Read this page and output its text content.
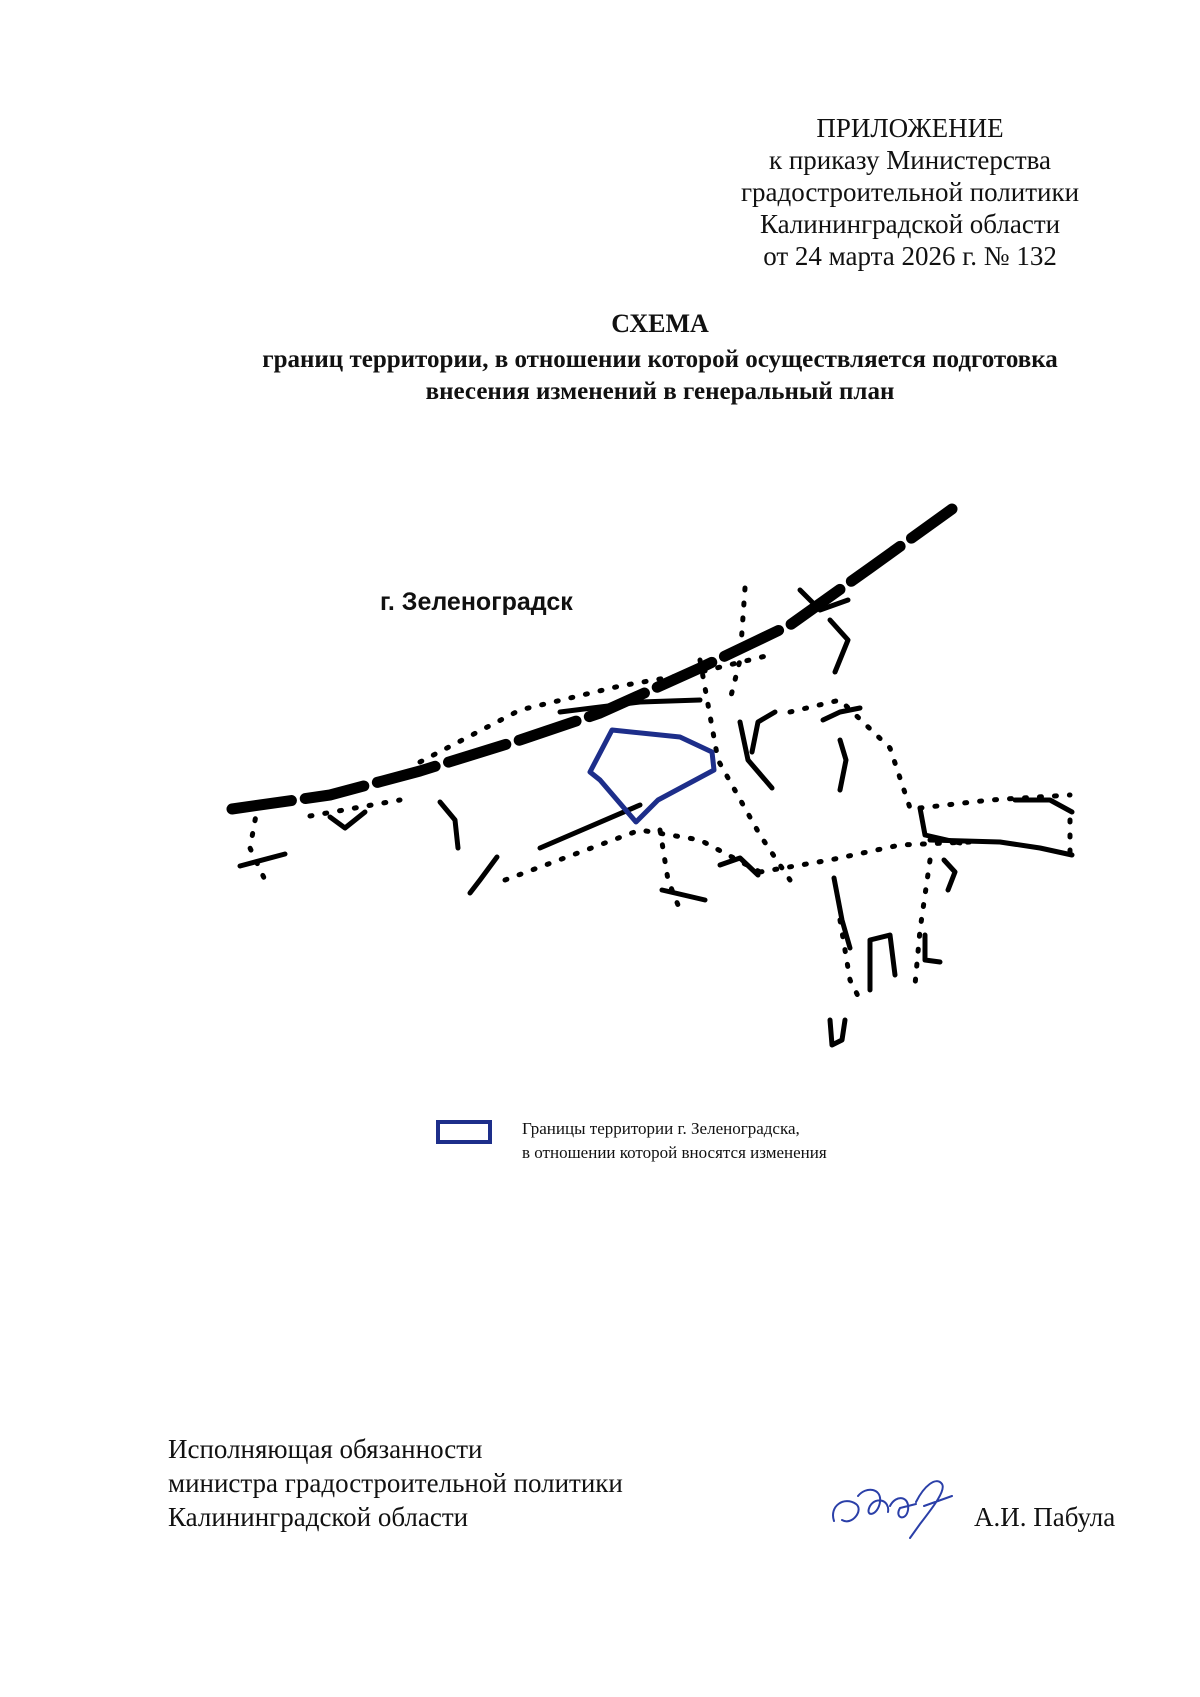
ПРИЛОЖЕНИЕ
к приказу Министерства
градостроительной политики
Калининградской области
от 24 марта 2026 г. № 132
СХЕМА
границ территории, в отношении которой осуществляется подготовка
внесения изменений в генеральный план
г. Зеленоградск
Границы территории г. Зеленоградска,
в отношении которой вносятся изменения
Исполняющая обязанности
министра градостроительной политики
Калининградской области	А.И. Пабула
